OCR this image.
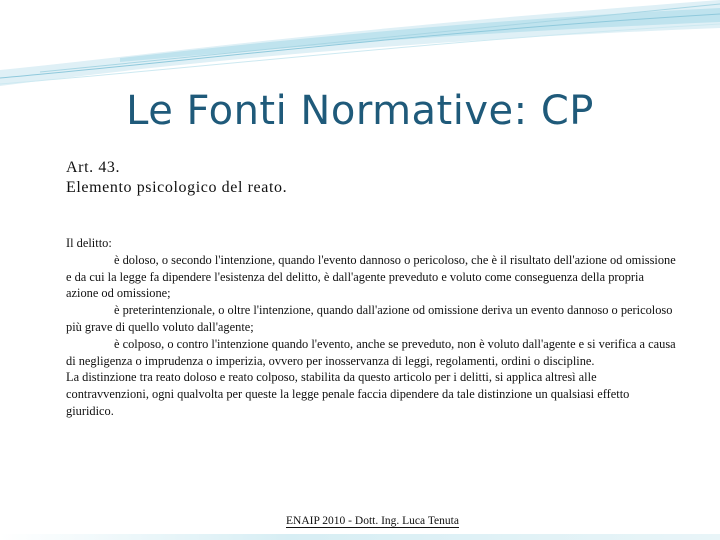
Le Fonti Normative: CP
Art. 43.
Elemento psicologico del reato.

Il delitto:

è doloso, o secondo l'intenzione, quando l'evento dannoso o pericoloso, che è il risultato dell'azione od omissione e da cui la legge fa dipendere l'esistenza del delitto, è dall'agente preveduto e voluto come conseguenza della propria azione od omissione;

è preterintenzionale, o oltre l'intenzione, quando dall'azione od omissione deriva un evento dannoso o pericoloso più grave di quello voluto dall'agente;

è colposo, o contro l'intenzione quando l'evento, anche se preveduto, non è voluto dall'agente e si verifica a causa di negligenza o imprudenza o imperizia, ovvero per inosservanza di leggi, regolamenti, ordini o discipline.

La distinzione tra reato doloso e reato colposo, stabilita da questo articolo per i delitti, si applica altresì alle contravvenzioni, ogni qualvolta per queste la legge penale faccia dipendere da tale distinzione un qualsiasi effetto giuridico.

ENAIP 2010 - Dott. Ing. Luca Tenuta
